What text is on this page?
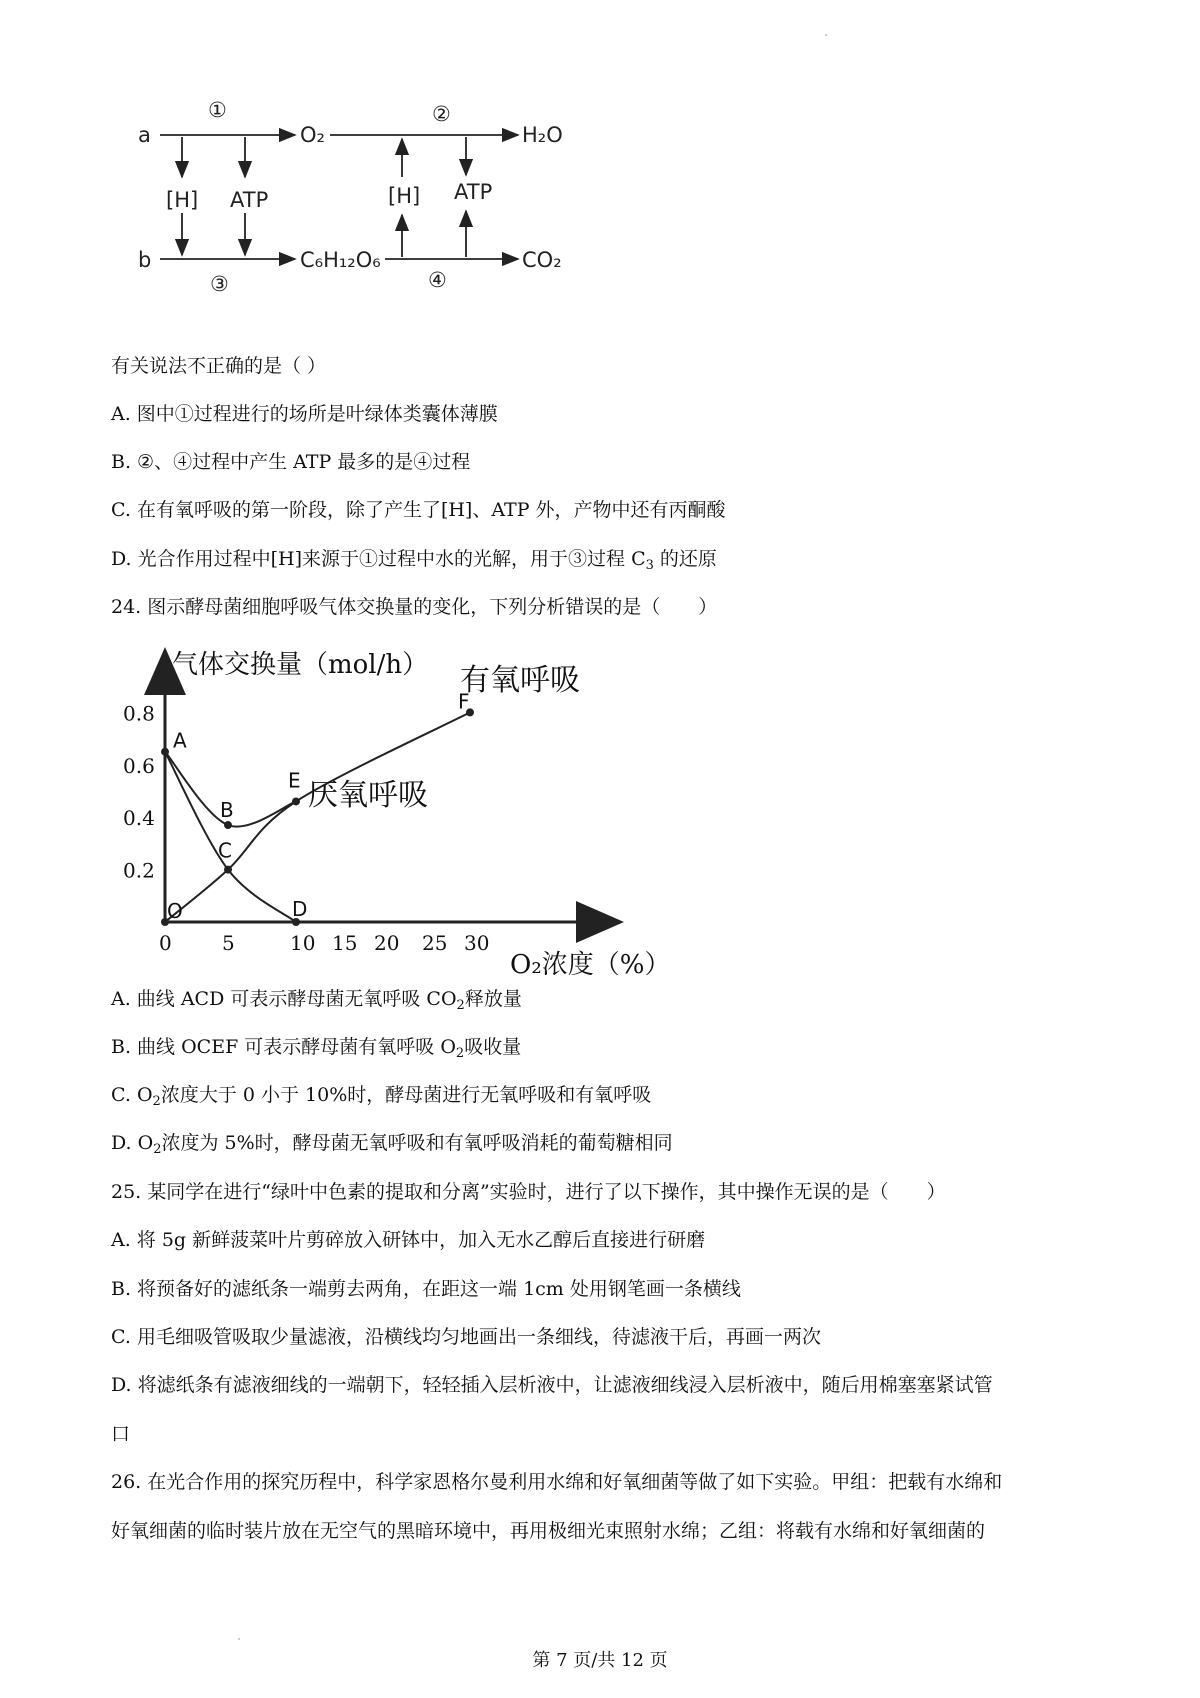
a
b
O₂	H₂O
C₆H₁₂O₆	CO₂
[H] ATP	[H] ATP
①	②
③	④
有关说法不正确的是（ ）
A. 图中①过程进行的场所是叶绿体类囊体薄膜
B. ②、④过程中产生 ATP 最多的是④过程
C. 在有氧呼吸的第一阶段，除了产生了[H]、ATP 外，产物中还有丙酮酸
D. 光合作用过程中[H]来源于①过程中水的光解，用于③过程 $C_3$ 的还原
24. 图示酵母菌细胞呼吸气体交换量的变化，下列分析错误的是（　　）
气体交换量（mol/h）
O₂浓度（%）
0.2
0.4
0.6
0.8
0	5	10 15 20 25 30
有氧呼吸
厌氧呼吸
A
B
C
D
E
F
O
A. 曲线 ACD 可表示酵母菌无氧呼吸 $CO_2$释放量
B. 曲线 OCEF 可表示酵母菌有氧呼吸 $O_2$吸收量
C. $O_2$浓度大于 0 小于 10%时，酵母菌进行无氧呼吸和有氧呼吸
D. $O_2$浓度为 5%时，酵母菌无氧呼吸和有氧呼吸消耗的葡萄糖相同
25. 某同学在进行“绿叶中色素的提取和分离”实验时，进行了以下操作，其中操作无误的是（　　）
A. 将 5g 新鲜菠菜叶片剪碎放入研钵中，加入无水乙醇后直接进行研磨
B. 将预备好的滤纸条一端剪去两角，在距这一端 1cm 处用钢笔画一条横线
C. 用毛细吸管吸取少量滤液，沿横线均匀地画出一条细线，待滤液干后，再画一两次
D. 将滤纸条有滤液细线的一端朝下，轻轻插入层析液中，让滤液细线浸入层析液中，随后用棉塞塞紧试管
口
26. 在光合作用的探究历程中，科学家恩格尔曼利用水绵和好氧细菌等做了如下实验。甲组：把载有水绵和
好氧细菌的临时装片放在无空气的黑暗环境中，再用极细光束照射水绵；乙组：将载有水绵和好氧细菌的
第 7 页/共 12 页
